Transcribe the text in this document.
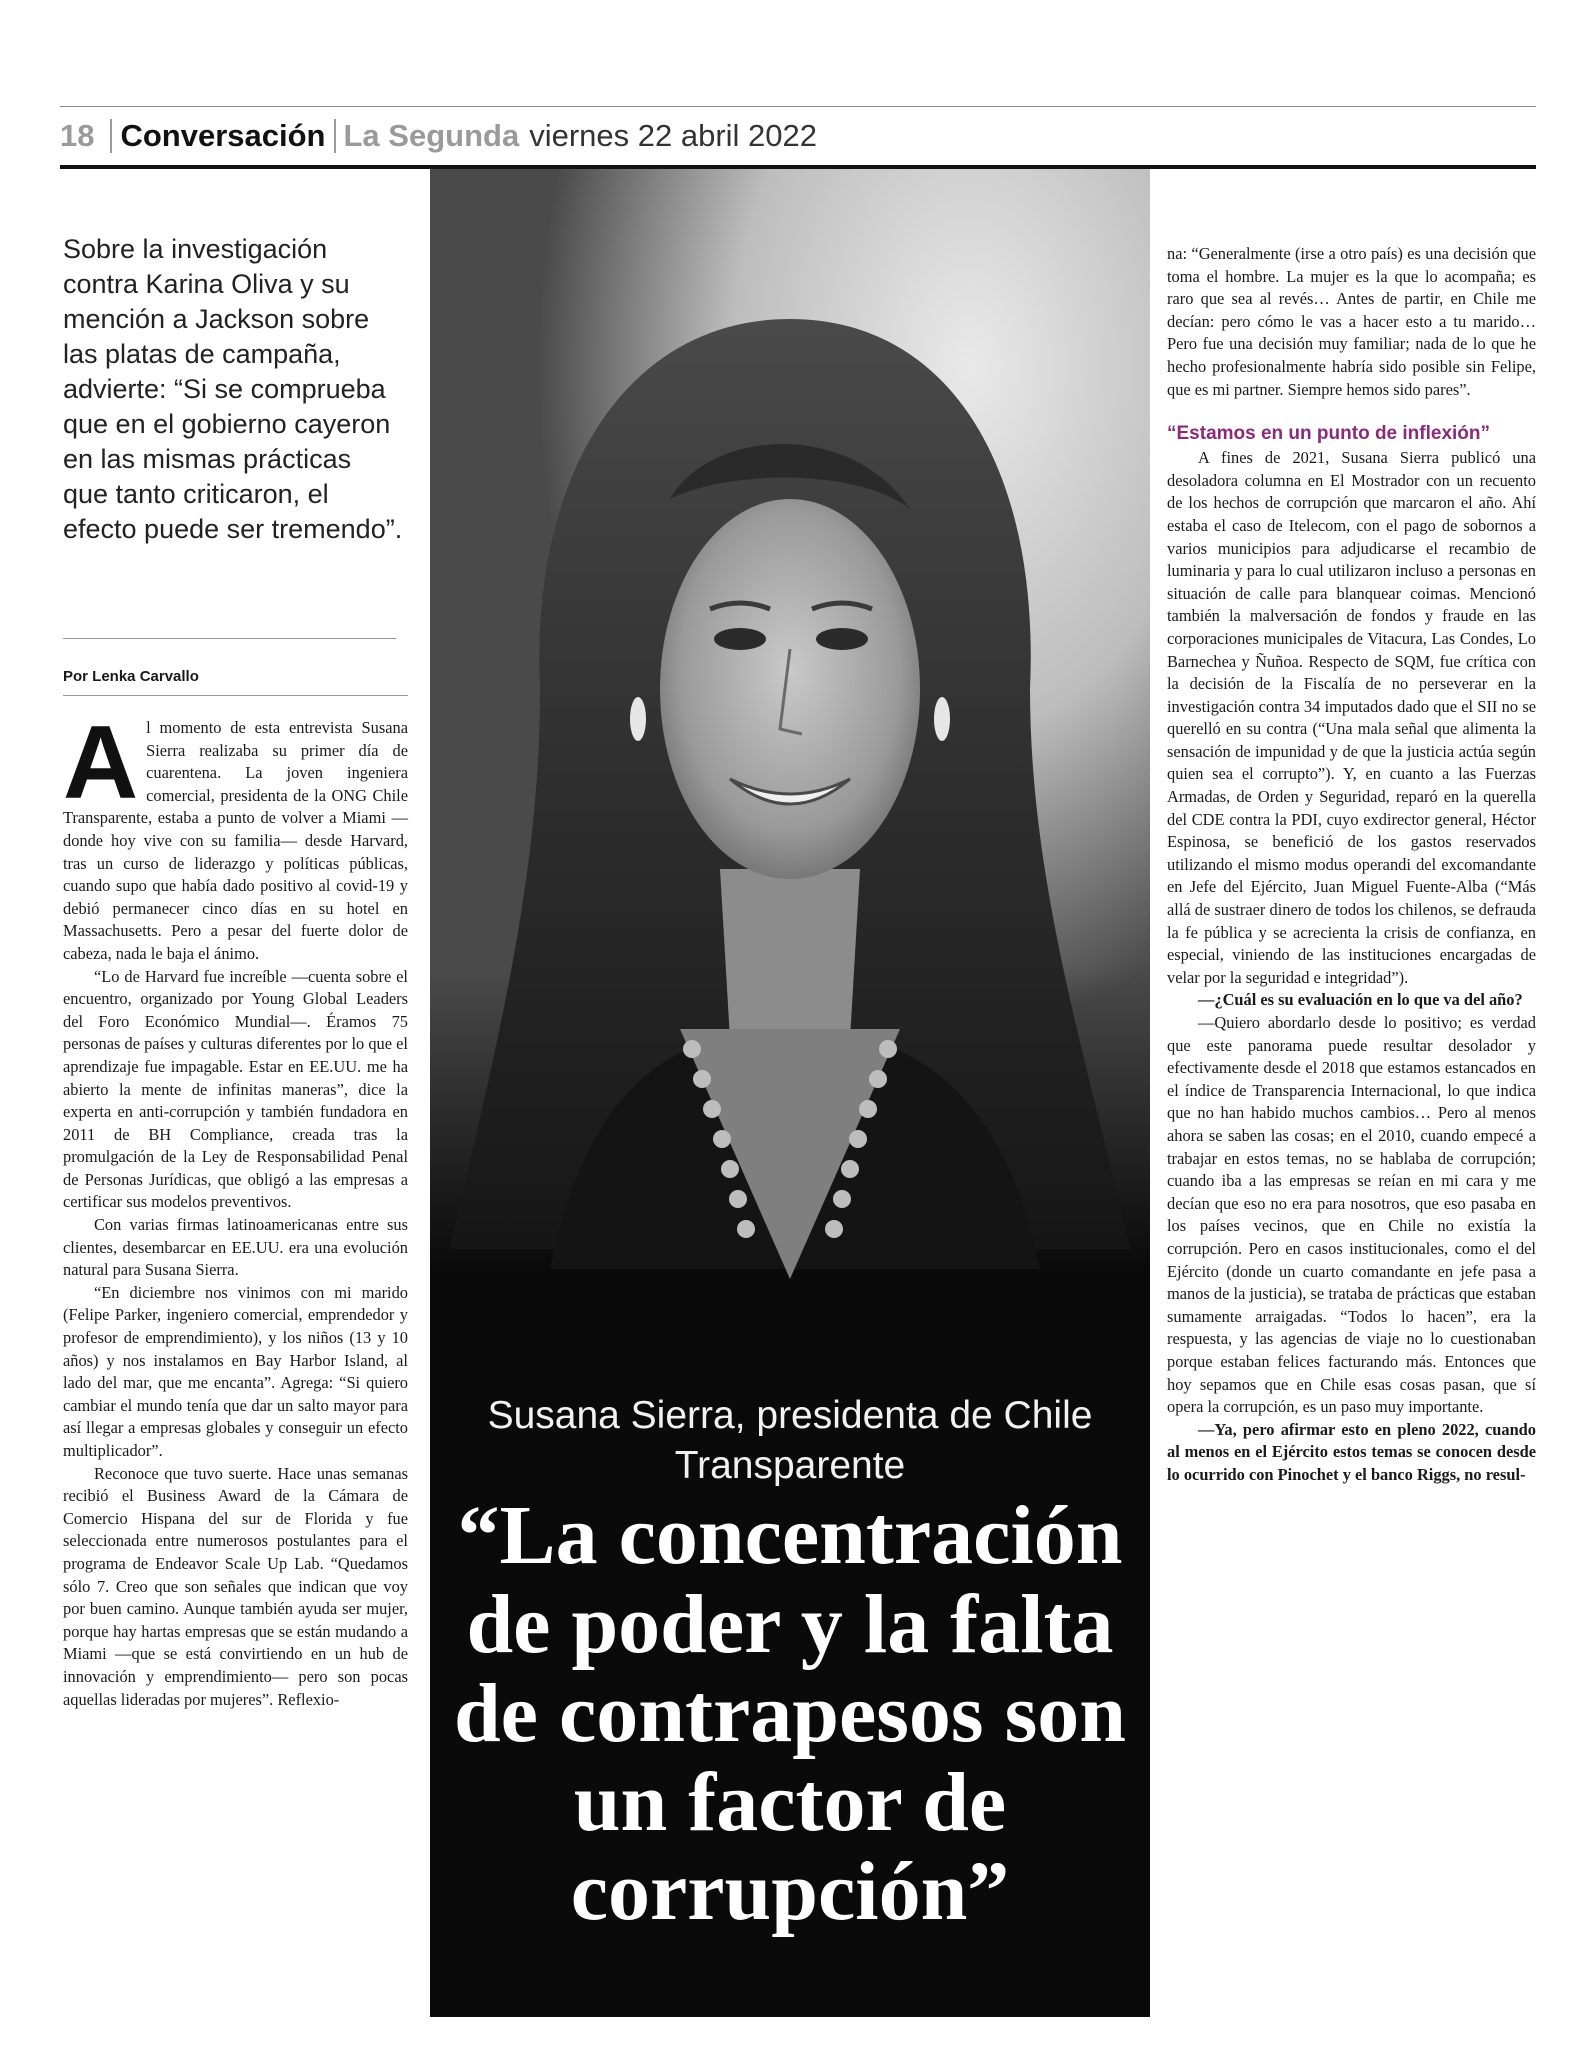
18 Conversación La Segunda viernes 22 abril 2022
Sobre la investigación contra Karina Oliva y su mención a Jackson sobre las platas de campaña, advierte: “Si se comprueba que en el gobierno cayeron en las mismas prácticas que tanto criticaron, el efecto puede ser tremendo”.
Por Lenka Carvallo

Al momento de esta entrevista Susana Sierra realizaba su primer día de cuarentena. La joven ingeniera comercial, presidenta de la ONG Chile Transparente, estaba a punto de volver a Miami —donde hoy vive con su familia— desde Harvard, tras un curso de liderazgo y políticas públicas, cuando supo que había dado positivo al covid-19 y debió permanecer cinco días en su hotel en Massachusetts. Pero a pesar del fuerte dolor de cabeza, nada le baja el ánimo.

“Lo de Harvard fue increíble —cuenta sobre el encuentro, organizado por Young Global Leaders del Foro Económico Mundial—. Éramos 75 personas de países y culturas diferentes por lo que el aprendizaje fue impagable. Estar en EE.UU. me ha abierto la mente de infinitas maneras”, dice la experta en anti-corrupción y también fundadora en 2011 de BH Compliance, creada tras la promulgación de la Ley de Responsabilidad Penal de Personas Jurídicas, que obligó a las empresas a certificar sus modelos preventivos.

Con varias firmas latinoamericanas entre sus clientes, desembarcar en EE.UU. era una evolución natural para Susana Sierra.

“En diciembre nos vinimos con mi marido (Felipe Parker, ingeniero comercial, emprendedor y profesor de emprendimiento), y los niños (13 y 10 años) y nos instalamos en Bay Harbor Island, al lado del mar, que me encanta”. Agrega: “Si quiero cambiar el mundo tenía que dar un salto mayor para así llegar a empresas globales y conseguir un efecto multiplicador”.

Reconoce que tuvo suerte. Hace unas semanas recibió el Business Award de la Cámara de Comercio Hispana del sur de Florida y fue seleccionada entre numerosos postulantes para el programa de Endeavor Scale Up Lab. “Quedamos sólo 7. Creo que son señales que indican que voy por buen camino. Aunque también ayuda ser mujer, porque hay hartas empresas que se están mudando a Miami —que se está convirtiendo en un hub de innovación y emprendimiento— pero son pocas aquellas lideradas por mujeres”. Reflexio-

Susana Sierra, presidenta de Chile Transparente
“La concentración de poder y la falta de contrapesos son un factor de corrupción”

na: “Generalmente (irse a otro país) es una decisión que toma el hombre. La mujer es la que lo acompaña; es raro que sea al revés… Antes de partir, en Chile me decían: pero cómo le vas a hacer esto a tu marido… Pero fue una decisión muy familiar; nada de lo que he hecho profesionalmente habría sido posible sin Felipe, que es mi partner. Siempre hemos sido pares”.

“Estamos en un punto de inflexión”

A fines de 2021, Susana Sierra publicó una desoladora columna en El Mostrador con un recuento de los hechos de corrupción que marcaron el año. Ahí estaba el caso de Itelecom, con el pago de sobornos a varios municipios para adjudicarse el recambio de luminaria y para lo cual utilizaron incluso a personas en situación de calle para blanquear coimas. Mencionó también la malversación de fondos y fraude en las corporaciones municipales de Vitacura, Las Condes, Lo Barnechea y Ñuñoa. Respecto de SQM, fue crítica con la decisión de la Fiscalía de no perseverar en la investigación contra 34 imputados dado que el SII no se querelló en su contra (“Una mala señal que alimenta la sensación de impunidad y de que la justicia actúa según quien sea el corrupto”). Y, en cuanto a las Fuerzas Armadas, de Orden y Seguridad, reparó en la querella del CDE contra la PDI, cuyo exdirector general, Héctor Espinosa, se benefició de los gastos reservados utilizando el mismo modus operandi del excomandante en Jefe del Ejército, Juan Miguel Fuente-Alba (“Más allá de sustraer dinero de todos los chilenos, se defrauda la fe pública y se acrecienta la crisis de confianza, en especial, viniendo de las instituciones encargadas de velar por la seguridad e integridad”).

—¿Cuál es su evaluación en lo que va del año?

—Quiero abordarlo desde lo positivo; es verdad que este panorama puede resultar desolador y efectivamente desde el 2018 que estamos estancados en el índice de Transparencia Internacional, lo que indica que no han habido muchos cambios… Pero al menos ahora se saben las cosas; en el 2010, cuando empecé a trabajar en estos temas, no se hablaba de corrupción; cuando iba a las empresas se reían en mi cara y me decían que eso no era para nosotros, que eso pasaba en los países vecinos, que en Chile no existía la corrupción. Pero en casos institucionales, como el del Ejército (donde un cuarto comandante en jefe pasa a manos de la justicia), se trataba de prácticas que estaban sumamente arraigadas. “Todos lo hacen”, era la respuesta, y las agencias de viaje no lo cuestionaban porque estaban felices facturando más. Entonces que hoy sepamos que en Chile esas cosas pasan, que sí opera la corrupción, es un paso muy importante.

—Ya, pero afirmar esto en pleno 2022, cuando al menos en el Ejército estos temas se conocen desde lo ocurrido con Pinochet y el banco Riggs, no resul-
